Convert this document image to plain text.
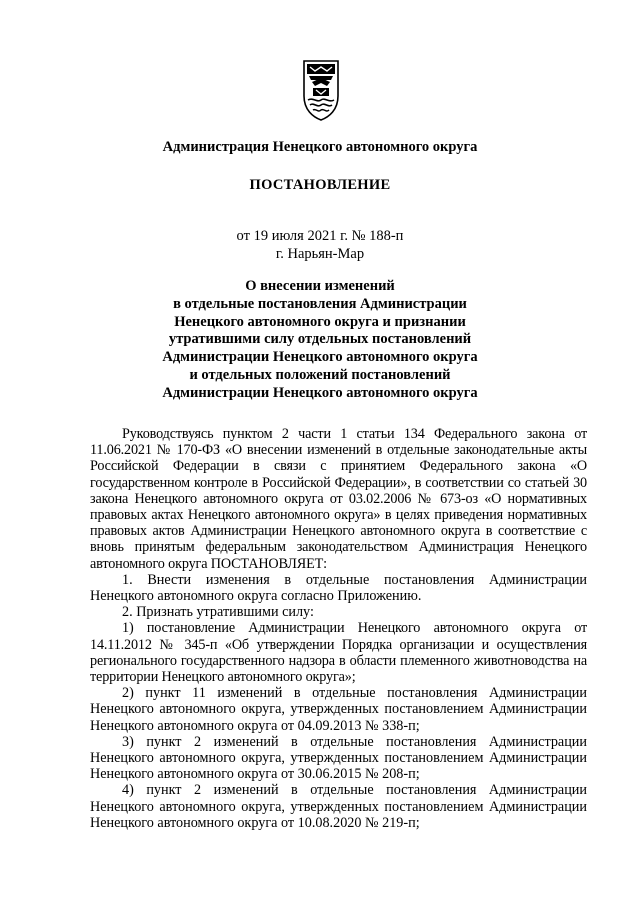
Администрация Ненецкого автономного округа
ПОСТАНОВЛЕНИЕ
от 19 июля 2021 г. № 188-п
г. Нарьян-Мар
О внесении изменений
в отдельные постановления Администрации
Ненецкого автономного округа и признании
утратившими силу отдельных постановлений
Администрации Ненецкого автономного округа
и отдельных положений постановлений
Администрации Ненецкого автономного округа

Руководствуясь пунктом 2 части 1 статьи 134 Федерального закона от 11.06.2021 № 170-ФЗ «О внесении изменений в отдельные законодательные акты Российской Федерации в связи с принятием Федерального закона «О государственном контроле в Российской Федерации», в соответствии со статьей 30 закона Ненецкого автономного округа от 03.02.2006 № 673-оз «О нормативных правовых актах Ненецкого автономного округа» в целях приведения нормативных правовых актов Администрации Ненецкого автономного округа в соответствие с вновь принятым федеральным законодательством Администрация Ненецкого автономного округа ПОСТАНОВЛЯЕТ:

1. Внести изменения в отдельные постановления Администрации Ненецкого автономного округа согласно Приложению.

2. Признать утратившими силу:

1) постановление Администрации Ненецкого автономного округа от 14.11.2012 № 345-п «Об утверждении Порядка организации и осуществления регионального государственного надзора в области племенного животноводства на территории Ненецкого автономного округа»;

2) пункт 11 изменений в отдельные постановления Администрации Ненецкого автономного округа, утвержденных постановлением Администрации Ненецкого автономного округа от 04.09.2013 № 338-п;

3) пункт 2 изменений в отдельные постановления Администрации Ненецкого автономного округа, утвержденных постановлением Администрации Ненецкого автономного округа от 30.06.2015 № 208-п;

4) пункт 2 изменений в отдельные постановления Администрации Ненецкого автономного округа, утвержденных постановлением Администрации Ненецкого автономного округа от 10.08.2020 № 219-п;
